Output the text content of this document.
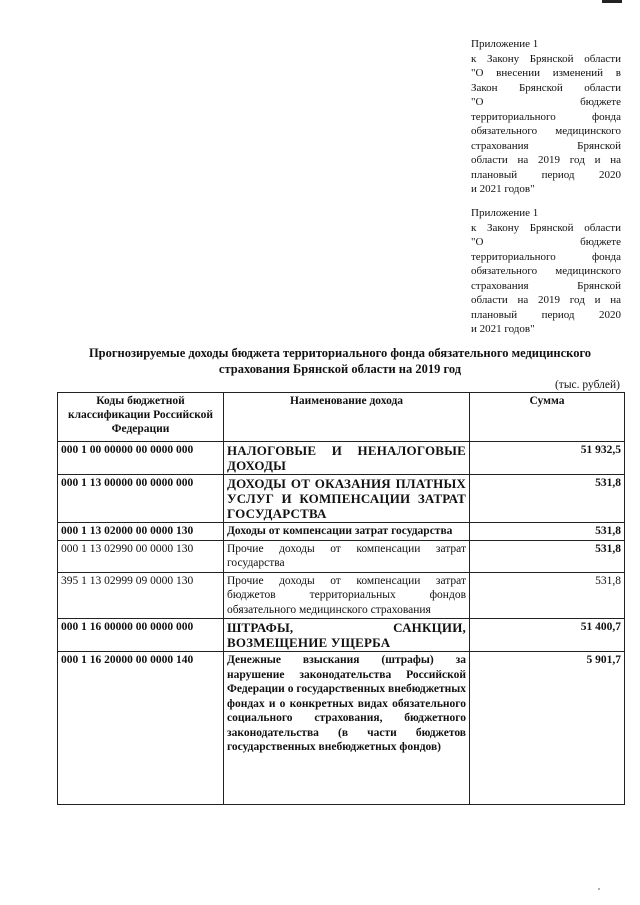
Приложение 1
к Закону Брянской области
"О внесении изменений в
Закон Брянской области
"О бюджете
территориального фонда
обязательного медицинского
страхования Брянской
области на 2019 год и на
плановый период 2020
и 2021 годов"
Приложение 1
к Закону Брянской области
"О бюджете
территориального фонда
обязательного медицинского
страхования Брянской
области на 2019 год и на
плановый период 2020
и 2021 годов"
Прогнозируемые доходы бюджета территориального фонда обязательного медицинского страхования Брянской области на 2019 год
(тыс. рублей)
Коды бюджетной классификации Российской Федерации	Наименование дохода	Сумма
000 1 00 00000 00 0000 000	НАЛОГОВЫЕ И НЕНАЛОГОВЫЕ ДОХОДЫ	51 932,5
000 1 13 00000 00 0000 000	ДОХОДЫ ОТ ОКАЗАНИЯ ПЛАТНЫХ УСЛУГ И КОМПЕНСАЦИИ ЗАТРАТ ГОСУДАРСТВА	531,8
000 1 13 02000 00 0000 130	Доходы от компенсации затрат государства	531,8
000 1 13 02990 00 0000 130	Прочие доходы от компенсации затрат государства	531,8
395 1 13 02999 09 0000 130	Прочие доходы от компенсации затрат бюджетов территориальных фондов обязательного медицинского страхования	531,8
000 1 16 00000 00 0000 000	ШТРАФЫ, САНКЦИИ, ВОЗМЕЩЕНИЕ УЩЕРБА	51 400,7
000 1 16 20000 00 0000 140	Денежные взыскания (штрафы) за нарушение законодательства Российской Федерации о государственных внебюджетных фондах и о конкретных видах обязательного социального страхования, бюджетного законодательства (в части бюджетов государственных внебюджетных фондов)	5 901,7
